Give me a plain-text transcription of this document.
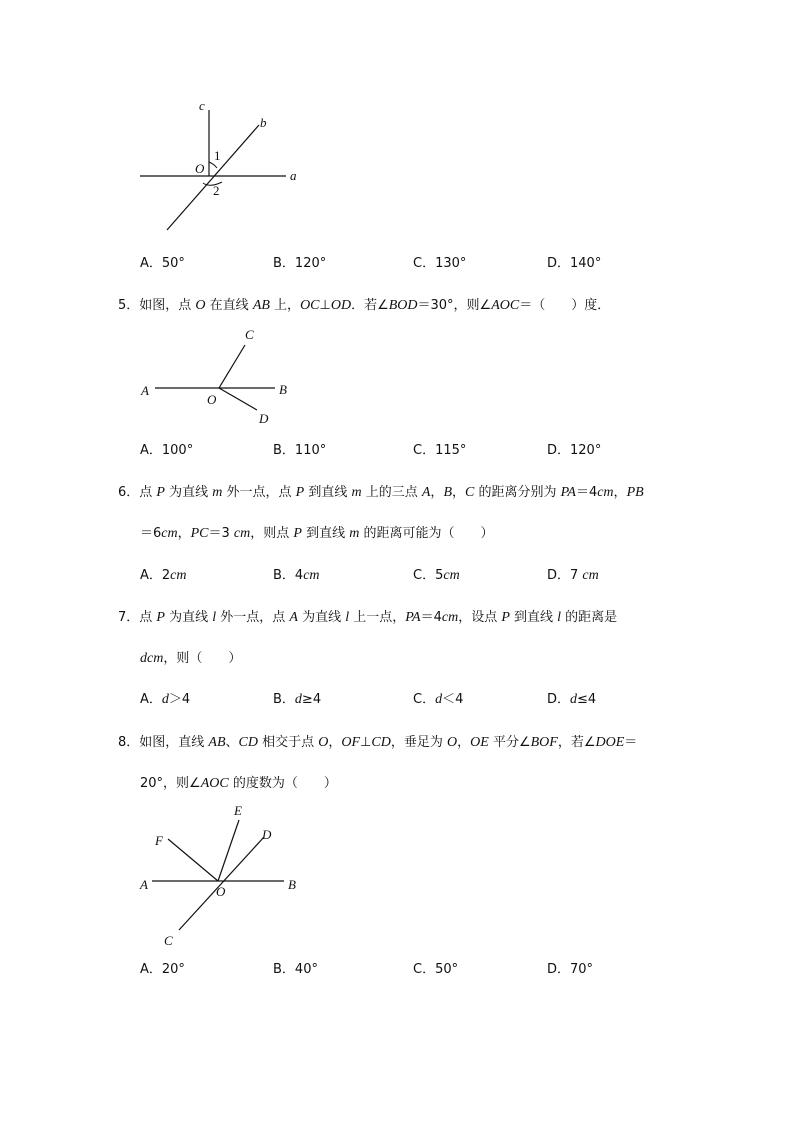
c
b
a
O
1
2
A．50°	B．120°	C．130°	D．140°
5．如图，点 O 在直线 AB 上，OC⊥OD．若∠BOD＝30°，则∠AOC＝（　　）度．
A	B
C
D
O
A．100°	B．110°	C．115°	D．120°
6．点 P 为直线 m 外一点，点 P 到直线 m 上的三点 A，B，C 的距离分别为 PA＝4cm，PB
＝6cm，PC＝3 cm，则点 P 到直线 m 的距离可能为（　　）
A．2cm	B．4cm	C．5cm	D．7 cm
7．点 P 为直线 l 外一点，点 A 为直线 l 上一点，PA＝4cm，设点 P 到直线 l 的距离是
dcm，则（　　）
A．d＞4	B．d≥4	C．d＜4	D．d≤4
8．如图，直线 AB、CD 相交于点 O，OF⊥CD，垂足为 O，OE 平分∠BOF，若∠DOE＝
20°，则∠AOC 的度数为（　　）
A	B
C
D
E
F
O
A．20°	B．40°	C．50°	D．70°
